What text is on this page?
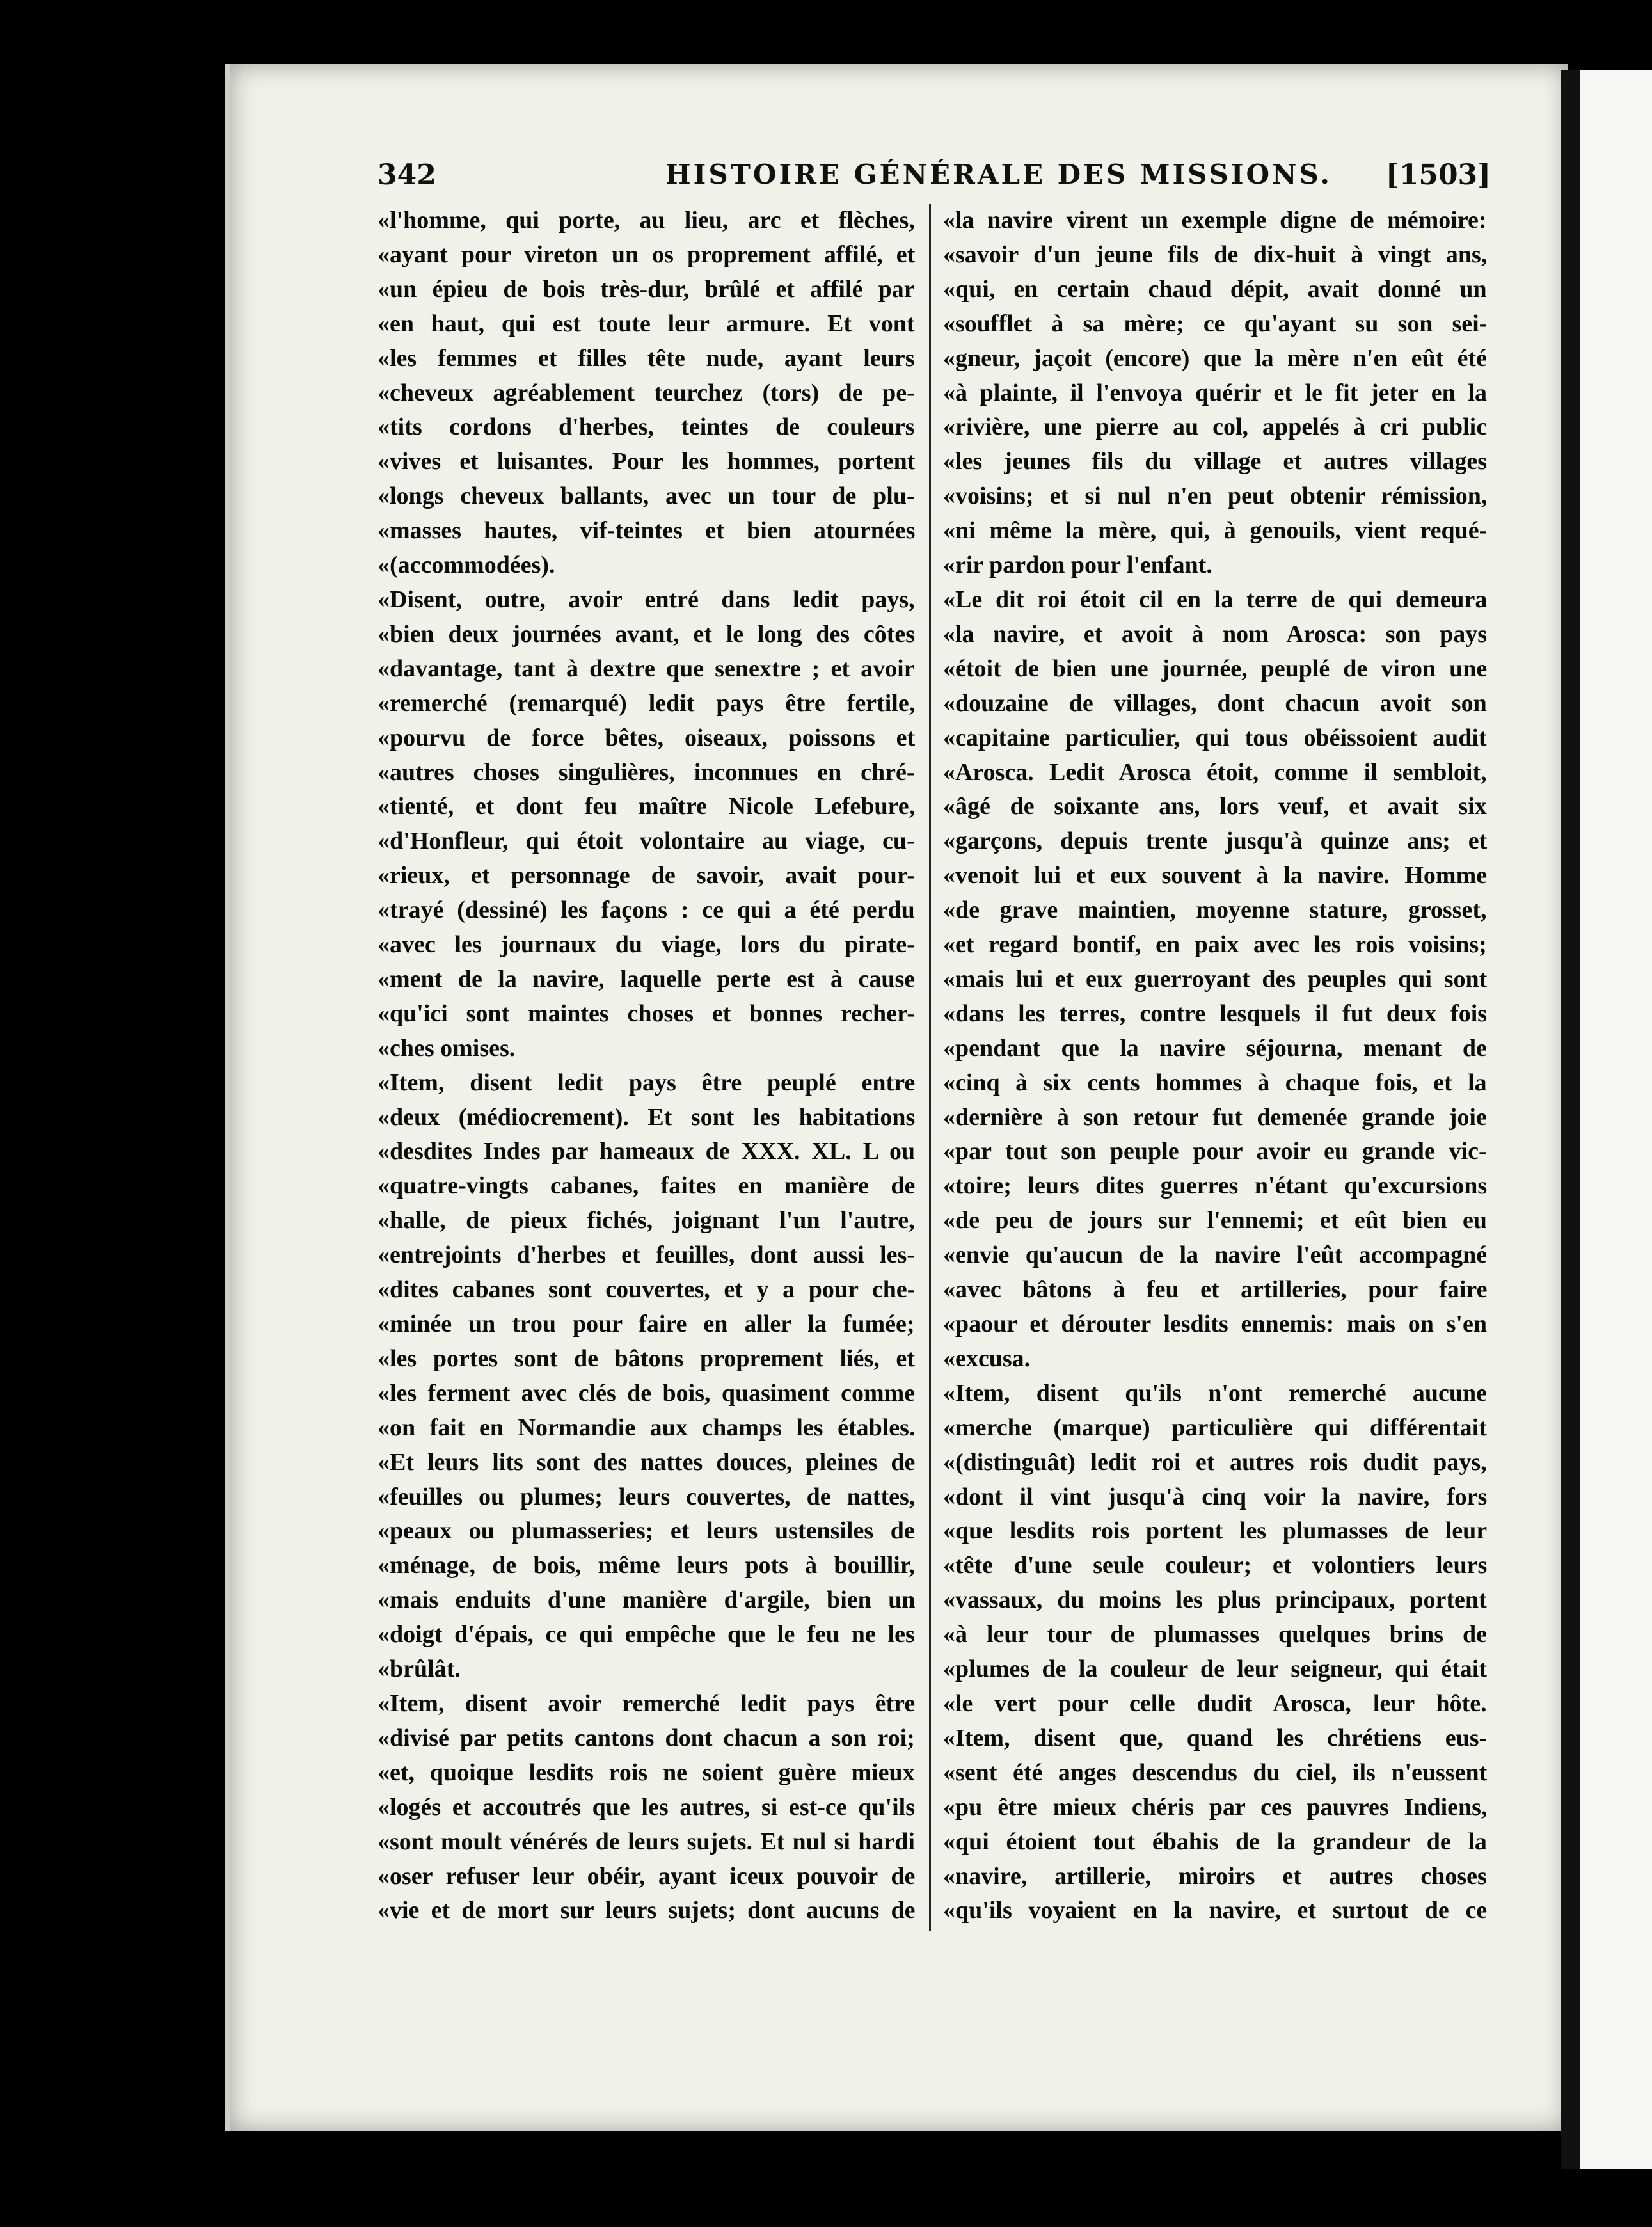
342	HISTOIRE GÉNÉRALE DES MISSIONS. [1503]

«l'homme, qui porte, au lieu, arc et flèches,

«ayant pour vireton un os proprement affilé, et

«un épieu de bois très-dur, brûlé et affilé par

«en haut, qui est toute leur armure. Et vont

«les femmes et filles tête nude, ayant leurs

«cheveux agréablement teurchez (tors) de pe-

«tits cordons d'herbes, teintes de couleurs

«vives et luisantes. Pour les hommes, portent

«longs cheveux ballants, avec un tour de plu-

«masses hautes, vif-teintes et bien atournées

«(accommodées).

«Disent, outre, avoir entré dans ledit pays,

«bien deux journées avant, et le long des côtes

«davantage, tant à dextre que senextre ; et avoir

«remerché (remarqué) ledit pays être fertile,

«pourvu de force bêtes, oiseaux, poissons et

«autres choses singulières, inconnues en chré-

«tienté, et dont feu maître Nicole Lefebure,

«d'Honfleur, qui étoit volontaire au viage, cu-

«rieux, et personnage de savoir, avait pour-

«trayé (dessiné) les façons : ce qui a été perdu

«avec les journaux du viage, lors du pirate-

«ment de la navire, laquelle perte est à cause

«qu'ici sont maintes choses et bonnes recher-

«ches omises.

«Item, disent ledit pays être peuplé entre

«deux (médiocrement). Et sont les habitations

«desdites Indes par hameaux de XXX. XL. L ou

«quatre-vingts cabanes, faites en manière de

«halle, de pieux fichés, joignant l'un l'autre,

«entrejoints d'herbes et feuilles, dont aussi les-

«dites cabanes sont couvertes, et y a pour che-

«minée un trou pour faire en aller la fumée;

«les portes sont de bâtons proprement liés, et

«les ferment avec clés de bois, quasiment comme

«on fait en Normandie aux champs les étables.

«Et leurs lits sont des nattes douces, pleines de

«feuilles ou plumes; leurs couvertes, de nattes,

«peaux ou plumasseries; et leurs ustensiles de

«ménage, de bois, même leurs pots à bouillir,

«mais enduits d'une manière d'argile, bien un

«doigt d'épais, ce qui empêche que le feu ne les

«brûlât.

«Item, disent avoir remerché ledit pays être

«divisé par petits cantons dont chacun a son roi;

«et, quoique lesdits rois ne soient guère mieux

«logés et accoutrés que les autres, si est-ce qu'ils

«sont moult vénérés de leurs sujets. Et nul si hardi

«oser refuser leur obéir, ayant iceux pouvoir de

«vie et de mort sur leurs sujets; dont aucuns de

«la navire virent un exemple digne de mémoire:

«savoir d'un jeune fils de dix-huit à vingt ans,

«qui, en certain chaud dépit, avait donné un

«soufflet à sa mère; ce qu'ayant su son sei-

«gneur, jaçoit (encore) que la mère n'en eût été

«à plainte, il l'envoya quérir et le fit jeter en la

«rivière, une pierre au col, appelés à cri public

«les jeunes fils du village et autres villages

«voisins; et si nul n'en peut obtenir rémission,

«ni même la mère, qui, à genouils, vient requé-

«rir pardon pour l'enfant.

«Le dit roi étoit cil en la terre de qui demeura

«la navire, et avoit à nom Arosca: son pays

«étoit de bien une journée, peuplé de viron une

«douzaine de villages, dont chacun avoit son

«capitaine particulier, qui tous obéissoient audit

«Arosca. Ledit Arosca étoit, comme il sembloit,

«âgé de soixante ans, lors veuf, et avait six

«garçons, depuis trente jusqu'à quinze ans; et

«venoit lui et eux souvent à la navire. Homme

«de grave maintien, moyenne stature, grosset,

«et regard bontif, en paix avec les rois voisins;

«mais lui et eux guerroyant des peuples qui sont

«dans les terres, contre lesquels il fut deux fois

«pendant que la navire séjourna, menant de

«cinq à six cents hommes à chaque fois, et la

«dernière à son retour fut demenée grande joie

«par tout son peuple pour avoir eu grande vic-

«toire; leurs dites guerres n'étant qu'excursions

«de peu de jours sur l'ennemi; et eût bien eu

«envie qu'aucun de la navire l'eût accompagné

«avec bâtons à feu et artilleries, pour faire

«paour et dérouter lesdits ennemis: mais on s'en

«excusa.

«Item, disent qu'ils n'ont remerché aucune

«merche (marque) particulière qui différentait

«(distinguât) ledit roi et autres rois dudit pays,

«dont il vint jusqu'à cinq voir la navire, fors

«que lesdits rois portent les plumasses de leur

«tête d'une seule couleur; et volontiers leurs

«vassaux, du moins les plus principaux, portent

«à leur tour de plumasses quelques brins de

«plumes de la couleur de leur seigneur, qui était

«le vert pour celle dudit Arosca, leur hôte.

«Item, disent que, quand les chrétiens eus-

«sent été anges descendus du ciel, ils n'eussent

«pu être mieux chéris par ces pauvres Indiens,

«qui étoient tout ébahis de la grandeur de la

«navire, artillerie, miroirs et autres choses

«qu'ils voyaient en la navire, et surtout de ce
